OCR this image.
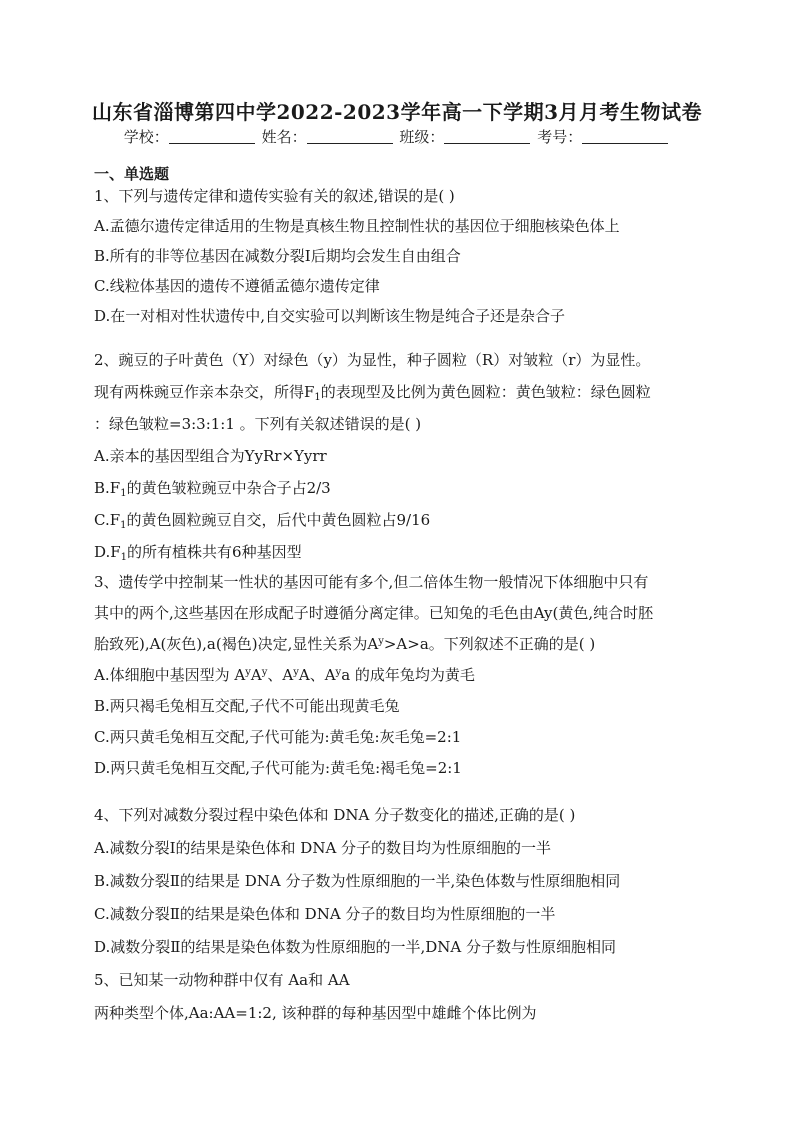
山东省淄博第四中学2022-2023学年高一下学期3月月考生物试卷
学校：	姓名：	班级：	考号：
一、单选题
1、下列与遗传定律和遗传实验有关的叙述,错误的是( )
A.孟德尔遗传定律适用的生物是真核生物且控制性状的基因位于细胞核染色体上
B.所有的非等位基因在减数分裂I后期均会发生自由组合
C.线粒体基因的遗传不遵循孟德尔遗传定律
D.在一对相对性状遗传中,自交实验可以判断该生物是纯合子还是杂合子
2、豌豆的子叶黄色（Y）对绿色（y）为显性，种子圆粒（R）对皱粒（r）为显性。
现有两株豌豆作亲本杂交，所得$F_1$的表现型及比例为黄色圆粒：黄色皱粒：绿色圆粒
：绿色皱粒=3:3:1:1 。下列有关叙述错误的是( )
A.亲本的基因型组合为YyRr×Yyrr
$B.F_1$的黄色皱粒豌豆中杂合子占2/3
$C.F_1$的黄色圆粒豌豆自交，后代中黄色圆粒占9/16
$D.F_1$的所有植株共有6种基因型
3、遗传学中控制某一性状的基因可能有多个,但二倍体生物一般情况下体细胞中只有
其中的两个,这些基因在形成配子时遵循分离定律。已知兔的毛色由Ay(黄色,纯合时胚
胎致死),A(灰色),a(褐色)决定,显性关系为$A^y>A>a$。下列叙述不正确的是( )
A.体细胞中基因型为 $A^yA^y$、$A^yA$、$A^ya$ 的成年兔均为黄毛
B.两只褐毛兔相互交配,子代不可能出现黄毛兔
C.两只黄毛兔相互交配,子代可能为:黄毛兔:灰毛兔=2:1
D.两只黄毛兔相互交配,子代可能为:黄毛兔:褐毛兔=2:1
4、下列对减数分裂过程中染色体和 DNA 分子数变化的描述,正确的是( )
A.减数分裂Ⅰ的结果是染色体和 DNA 分子的数目均为性原细胞的一半
B.减数分裂Ⅱ的结果是 DNA 分子数为性原细胞的一半,染色体数与性原细胞相同
C.减数分裂Ⅱ的结果是染色体和 DNA 分子的数目均为性原细胞的一半
D.减数分裂Ⅱ的结果是染色体数为性原细胞的一半,DNA 分子数与性原细胞相同
5、已知某一动物种群中仅有 Aa和 AA
两种类型个体,Aa:AA=1:2, 该种群的每种基因型中雄雌个体比例为
